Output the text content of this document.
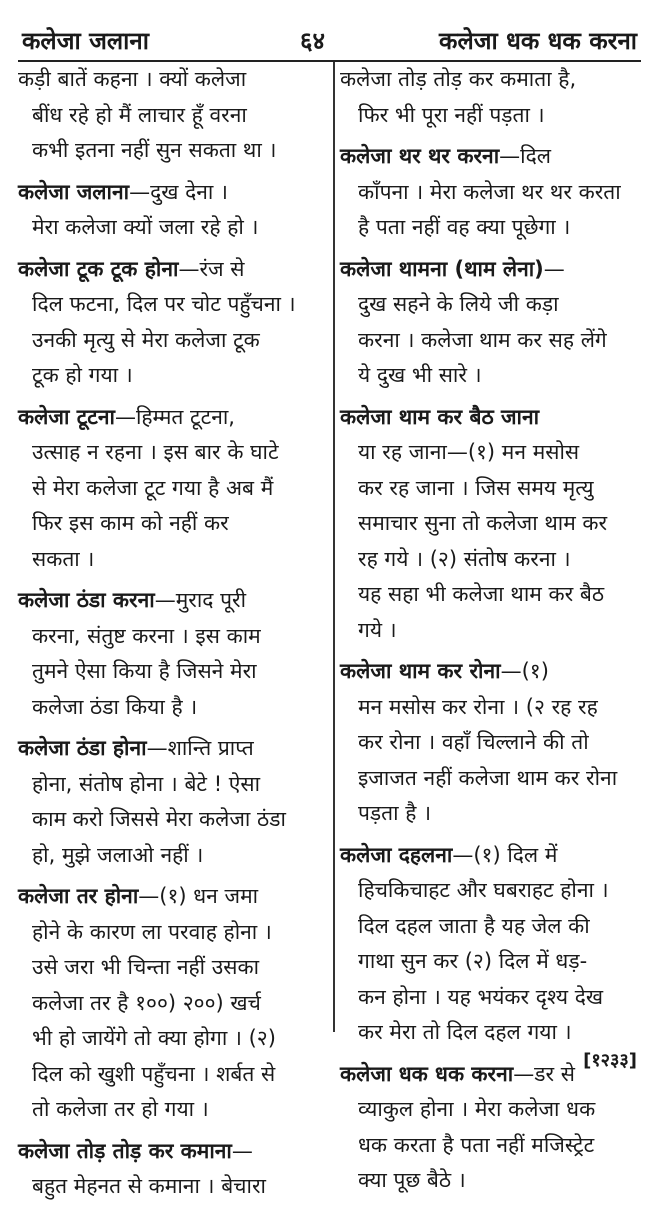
कलेजा जलाना	६४	कलेजा धक धक करना
कड़ी बातें कहना । क्यों कलेजा
बींध रहे हो मैं लाचार हूँ वरना
कभी इतना नहीं सुन सकता था ।
कलेजा जलाना—दुख देना ।
मेरा कलेजा क्यों जला रहे हो ।
कलेजा टूक टूक होना—रंज से
दिल फटना, दिल पर चोट पहुँचना ।
उनकी मृत्यु से मेरा कलेजा टूक
टूक हो गया ।
कलेजा टूटना—हिम्मत टूटना,
उत्साह न रहना । इस बार के घाटे
से मेरा कलेजा टूट गया है अब मैं
फिर इस काम को नहीं कर
सकता ।
कलेजा ठंडा करना—मुराद पूरी
करना, संतुष्ट करना । इस काम
तुमने ऐसा किया है जिसने मेरा
कलेजा ठंडा किया है ।
कलेजा ठंडा होना—शान्ति प्राप्त
होना, संतोष होना । बेटे ! ऐसा
काम करो जिससे मेरा कलेजा ठंडा
हो, मुझे जलाओ नहीं ।
कलेजा तर होना—(१) धन जमा
होने के कारण ला परवाह होना ।
उसे जरा भी चिन्ता नहीं उसका
कलेजा तर है १००) २००) खर्च
भी हो जायेंगे तो क्या होगा । (२)
दिल को खुशी पहुँचना । शर्बत से
तो कलेजा तर हो गया ।
कलेजा तोड़ तोड़ कर कमाना—
बहुत मेहनत से कमाना । बेचारा
कलेजा तोड़ तोड़ कर कमाता है,
फिर भी पूरा नहीं पड़ता ।
कलेजा थर थर करना—दिल
काँपना । मेरा कलेजा थर थर करता
है पता नहीं वह क्या पूछेगा ।
कलेजा थामना (थाम लेना)—
दुख सहने के लिये जी कड़ा
करना । कलेजा थाम कर सह लेंगे
ये दुख भी सारे ।
कलेजा थाम कर बैठ जाना
या रह जाना—(१) मन मसोस
कर रह जाना । जिस समय मृत्यु
समाचार सुना तो कलेजा थाम कर
रह गये । (२) संतोष करना ।
यह सहा भी कलेजा थाम कर बैठ
गये ।
कलेजा थाम कर रोना—(१)
मन मसोस कर रोना । (२ रह रह
कर रोना । वहाँ चिल्लाने की तो
इजाजत नहीं कलेजा थाम कर रोना
पड़ता है ।
कलेजा दहलना—(१) दिल में
हिचकिचाहट और घबराहट होना ।
दिल दहल जाता है यह जेल की
गाथा सुन कर (२) दिल में धड़-
कन होना । यह भयंकर दृश्य देख
कर मेरा तो दिल दहल गया ।
कलेजा धक धक करना—डर से
व्याकुल होना । मेरा कलेजा धक
धक करता है पता नहीं मजिस्ट्रेट
क्या पूछ बैठे ।
[१२३३]
